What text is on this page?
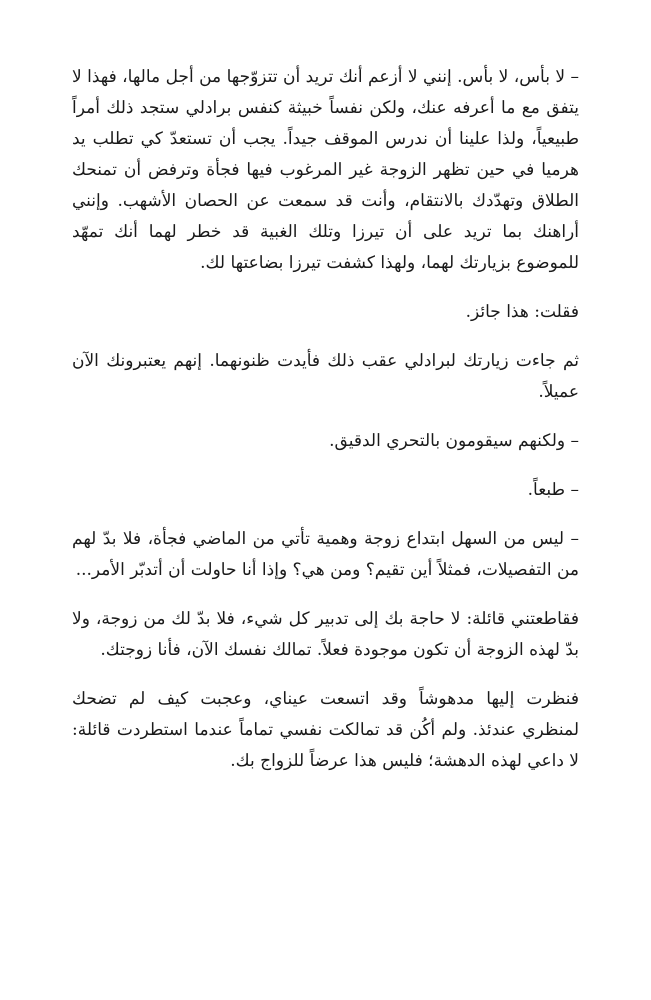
– لا بأس، لا بأس. إنني لا أزعم أنك تريد أن تتزوّجها من أجل مالها، فهذا لا يتفق مع ما أعرفه عنك، ولكن نفساً خبيثة كنفس برادلي ستجد ذلك أمراً طبيعياً، ولذا علينا أن ندرس الموقف جيداً. يجب أن تستعدّ كي تطلب يد هرميا في حين تظهر الزوجة غير المرغوب فيها فجأة وترفض أن تمنحك الطلاق وتهدّدك بالانتقام، وأنت قد سمعت عن الحصان الأشهب. وإنني أراهنك بما تريد على أن تيرزا وتلك الغبية قد خطر لهما أنك تمهّد للموضوع بزيارتك لهما، ولهذا كشفت تيرزا بضاعتها لك.

فقلت: هذا جائز.

ثم جاءت زيارتك لبرادلي عقب ذلك فأيدت ظنونهما. إنهم يعتبرونك الآن عميلاً.

– ولكنهم سيقومون بالتحري الدقيق.

– طبعاً.

– ليس من السهل ابتداع زوجة وهمية تأتي من الماضي فجأة، فلا بدّ لهم من التفصيلات، فمثلاً أين تقيم؟ ومن هي؟ وإذا أنا حاولت أن أتدبّر الأمر...

فقاطعتني قائلة: لا حاجة بك إلى تدبير كل شيء، فلا بدّ لك من زوجة، ولا بدّ لهذه الزوجة أن تكون موجودة فعلاً. تمالك نفسك الآن، فأنا زوجتك.

فنظرت إليها مدهوشاً وقد اتسعت عيناي، وعجبت كيف لم تضحك لمنظري عندئذ. ولم أكُن قد تمالكت نفسي تماماً عندما استطردت قائلة: لا داعي لهذه الدهشة؛ فليس هذا عرضاً للزواج بك.
